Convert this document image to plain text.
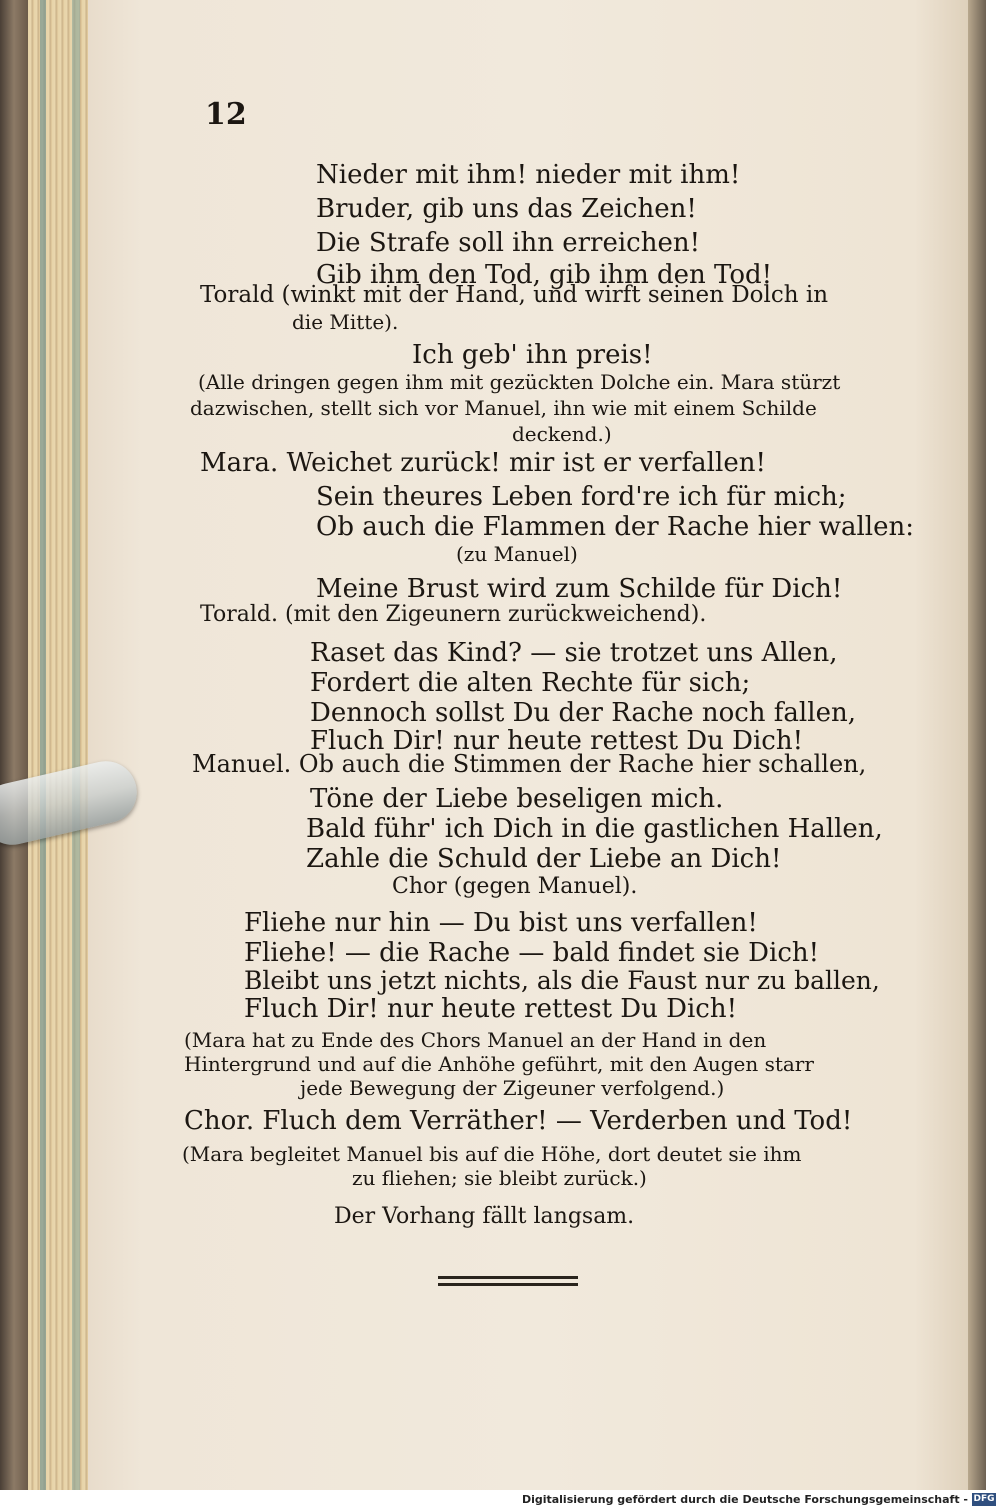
12
Nieder mit ihm! nieder mit ihm!
Bruder, gib uns das Zeichen!
Die Strafe soll ihn erreichen!
Gib ihm den Tod, gib ihm den Tod!
Torald (winkt mit der Hand, und wirft seinen Dolch in
die Mitte).
Ich geb' ihn preis!
(Alle dringen gegen ihm mit gezückten Dolche ein. Mara stürzt
dazwischen, stellt sich vor Manuel, ihn wie mit einem Schilde
deckend.)
Mara. Weichet zurück! mir ist er verfallen!
Sein theures Leben ford're ich für mich;
Ob auch die Flammen der Rache hier wallen:
(zu Manuel)
Meine Brust wird zum Schilde für Dich!
Torald. (mit den Zigeunern zurückweichend).
Raset das Kind? — sie trotzet uns Allen,
Fordert die alten Rechte für sich;
Dennoch sollst Du der Rache noch fallen,
Fluch Dir! nur heute rettest Du Dich!
Manuel. Ob auch die Stimmen der Rache hier schallen,
Töne der Liebe beseligen mich.
Bald führ' ich Dich in die gastlichen Hallen,
Zahle die Schuld der Liebe an Dich!
Chor (gegen Manuel).
Fliehe nur hin — Du bist uns verfallen!
Fliehe! — die Rache — bald findet sie Dich!
Bleibt uns jetzt nichts, als die Faust nur zu ballen,
Fluch Dir! nur heute rettest Du Dich!
(Mara hat zu Ende des Chors Manuel an der Hand in den
Hintergrund und auf die Anhöhe geführt, mit den Augen starr
jede Bewegung der Zigeuner verfolgend.)
Chor. Fluch dem Verräther! — Verderben und Tod!
(Mara begleitet Manuel bis auf die Höhe, dort deutet sie ihm
zu fliehen; sie bleibt zurück.)
Der Vorhang fällt langsam.
Digitalisierung gefördert durch die Deutsche Forschungsgemeinschaft - DFG
